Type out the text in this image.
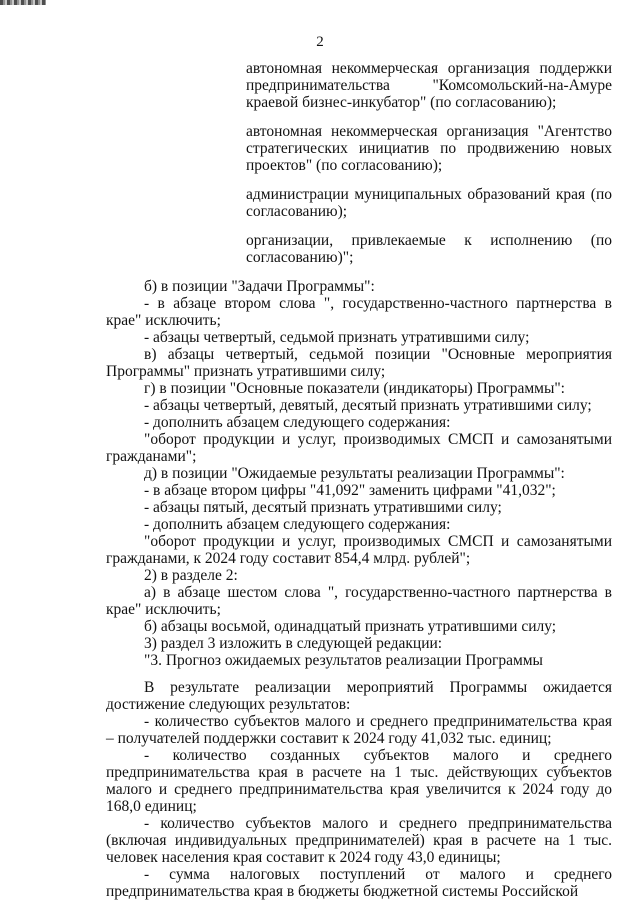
2

автономная некоммерческая организация поддержки предпринимательства "Комсомольский-на-Амуре краевой бизнес-инкубатор" (по согласованию);

автономная некоммерческая организация "Агентство стратегических инициатив по продвижению новых проектов" (по согласованию);

администрации муниципальных образований края (по согласованию);

организации, привлекаемые к исполнению (по согласованию)";

б) в позиции "Задачи Программы":

- в абзаце втором слова ", государственно-частного партнерства в крае" исключить;

- абзацы четвертый, седьмой признать утратившими силу;

в) абзацы четвертый, седьмой позиции "Основные мероприятия Программы" признать утратившими силу;

г) в позиции "Основные показатели (индикаторы) Программы":

- абзацы четвертый, девятый, десятый признать утратившими силу;

- дополнить абзацем следующего содержания:

"оборот продукции и услуг, производимых СМСП и самозанятыми гражданами";

д) в позиции "Ожидаемые результаты реализации Программы":

- в абзаце втором цифры "41,092" заменить цифрами "41,032";

- абзацы пятый, десятый признать утратившими силу;

- дополнить абзацем следующего содержания:

"оборот продукции и услуг, производимых СМСП и самозанятыми гражданами, к 2024 году составит 854,4 млрд. рублей";

2) в разделе 2:

а) в абзаце шестом слова ", государственно-частного партнерства в крае" исключить;

б) абзацы восьмой, одинадцатый признать утратившими силу;

3) раздел 3 изложить в следующей редакции:

"3. Прогноз ожидаемых результатов реализации Программы

В результате реализации мероприятий Программы ожидается достижение следующих результатов:

- количество субъектов малого и среднего предпринимательства края – получателей поддержки составит к 2024 году 41,032 тыс. единиц;

- количество созданных субъектов малого и среднего предпринимательства края в расчете на 1 тыс. действующих субъектов малого и среднего предпринимательства края увеличится к 2024 году до 168,0 единиц;

- количество субъектов малого и среднего предпринимательства (включая индивидуальных предпринимателей) края в расчете на 1 тыс. человек населения края составит к 2024 году 43,0 единицы;

- сумма налоговых поступлений от малого и среднего предпринимательства края в бюджеты бюджетной системы Российской
